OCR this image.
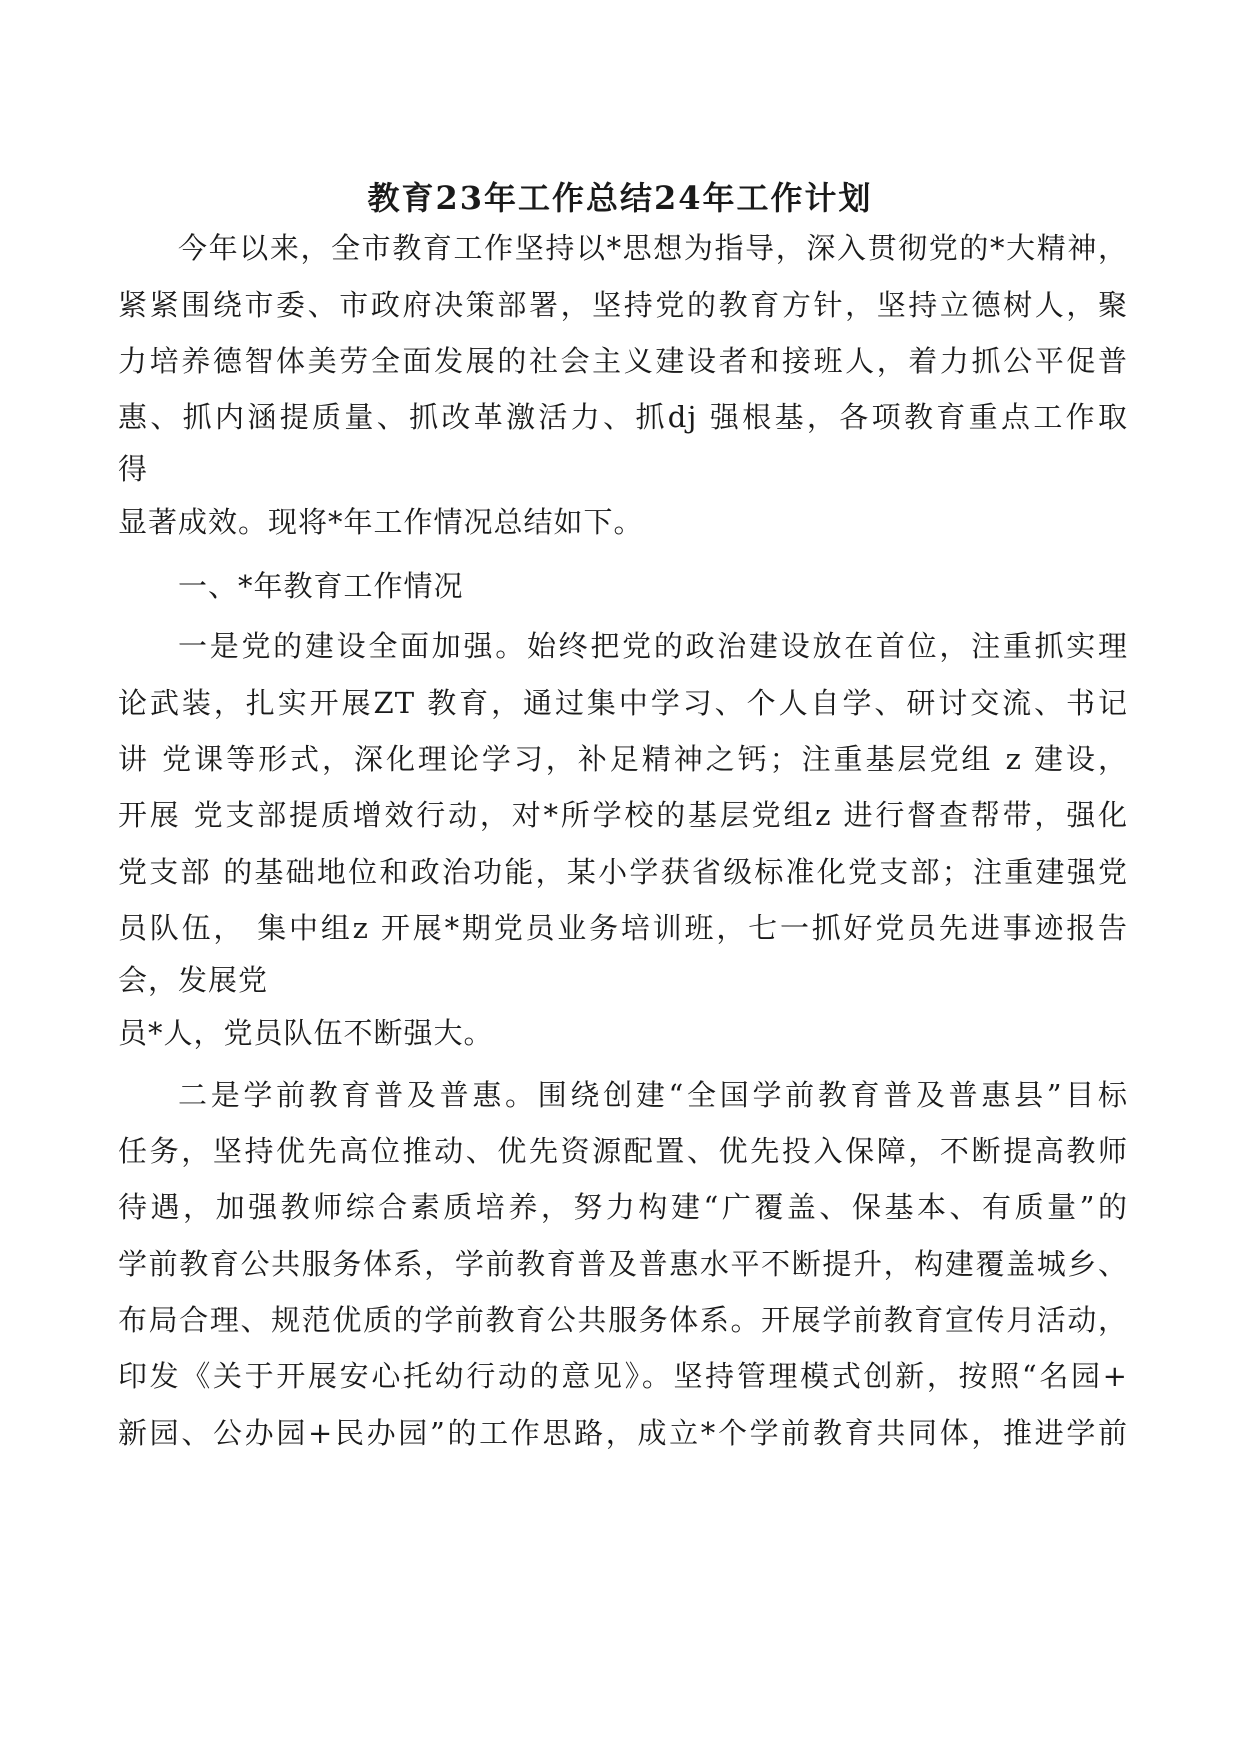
教育23年工作总结24年工作计划
今年以来，全市教育工作坚持以*思想为指导，深入贯彻党的*大精神，
紧紧围绕市委、市政府决策部署，坚持党的教育方针，坚持立德树人，聚
力培养德智体美劳全面发展的社会主义建设者和接班人，着力抓公平促普
惠、抓内涵提质量、抓改革激活力、抓dj 强根基，各项教育重点工作取
得
显著成效。现将*年工作情况总结如下。
一、*年教育工作情况
一是党的建设全面加强。始终把党的政治建设放在首位，注重抓实理
论武装，扎实开展ZT 教育，通过集中学习、个人自学、研讨交流、书记
讲 党课等形式，深化理论学习，补足精神之钙；注重基层党组 z 建设，
开展 党支部提质增效行动，对*所学校的基层党组z 进行督查帮带，强化
党支部 的基础地位和政治功能，某小学获省级标准化党支部；注重建强党
员队伍， 集中组z 开展*期党员业务培训班，七一抓好党员先进事迹报告
会，发展党
员*人，党员队伍不断强大。
二是学前教育普及普惠。围绕创建“全国学前教育普及普惠县”目标
任务，坚持优先高位推动、优先资源配置、优先投入保障，不断提高教师
待遇，加强教师综合素质培养，努力构建“广覆盖、保基本、有质量”的
学前教育公共服务体系，学前教育普及普惠水平不断提升，构建覆盖城乡、
布局合理、规范优质的学前教育公共服务体系。开展学前教育宣传月活动，
印发《关于开展安心托幼行动的意见》。坚持管理模式创新，按照“名园+
新园、公办园+民办园”的工作思路，成立*个学前教育共同体，推进学前
